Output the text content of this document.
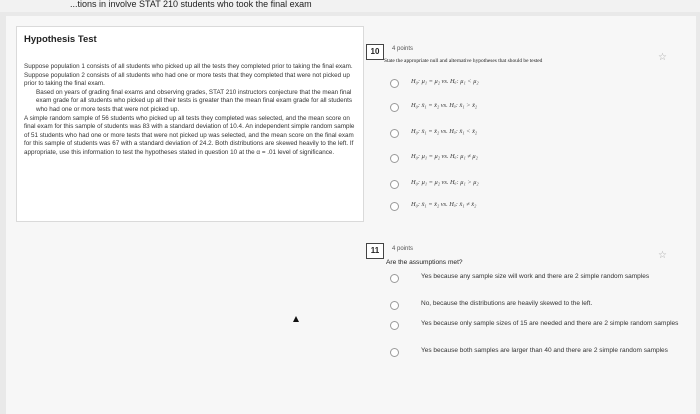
...tions in involve STAT 210 students who took the final exam
Hypothesis Test

Suppose population 1 consists of all students who picked up all the tests they completed prior to taking the final exam. Suppose population 2 consists of all students who had one or more tests that they completed that were not picked up prior to taking the final exam.

Based on years of grading final exams and observing grades, STAT 210 instructors conjecture that the mean final exam grade for all students who picked up all their tests is greater than the mean final exam grade for all students who had one or more tests that were not picked up.

A simple random sample of 56 students who picked up all tests they completed was selected, and the mean score on final exam for this sample of students was 83 with a standard deviation of 10.4. An independent simple random sample of 51 students who had one or more tests that were not picked up was selected, and the mean score on the final exam for this sample of students was 67 with a standard deviation of 24.2. Both distributions are skewed heavily to the left. If appropriate, use this information to test the hypotheses stated in question 10 at the α = .01 level of significance.

10	4 points
☆
State the appropriate null and alternative hypotheses that should be tested
H₀: μ₁ = μ₂ vs. Hₐ: μ₁ < μ₂
H₀: x̄₁ = x̄₂ vs. Hₐ: x̄₁ > x̄₂
H₀: x̄₁ = x̄₂ vs. Hₐ: x̄₁ < x̄₂
H₀: μ₁ = μ₂ vs. Hₐ: μ₁ ≠ μ₂
H₀: μ₁ = μ₂ vs. Hₐ: μ₁ > μ₂
H₀: x̄₁ = x̄₂ vs. Hₐ: x̄₁ ≠ x̄₂
11	4 points
☆
Are the assumptions met?
Yes because any sample size will work and there are 2 simple random samples
No, because the distributions are heavily skewed to the left.
Yes because only sample sizes of 15 are needed and there are 2 simple random samples
Yes because both samples are larger than 40 and there are 2 simple random samples
